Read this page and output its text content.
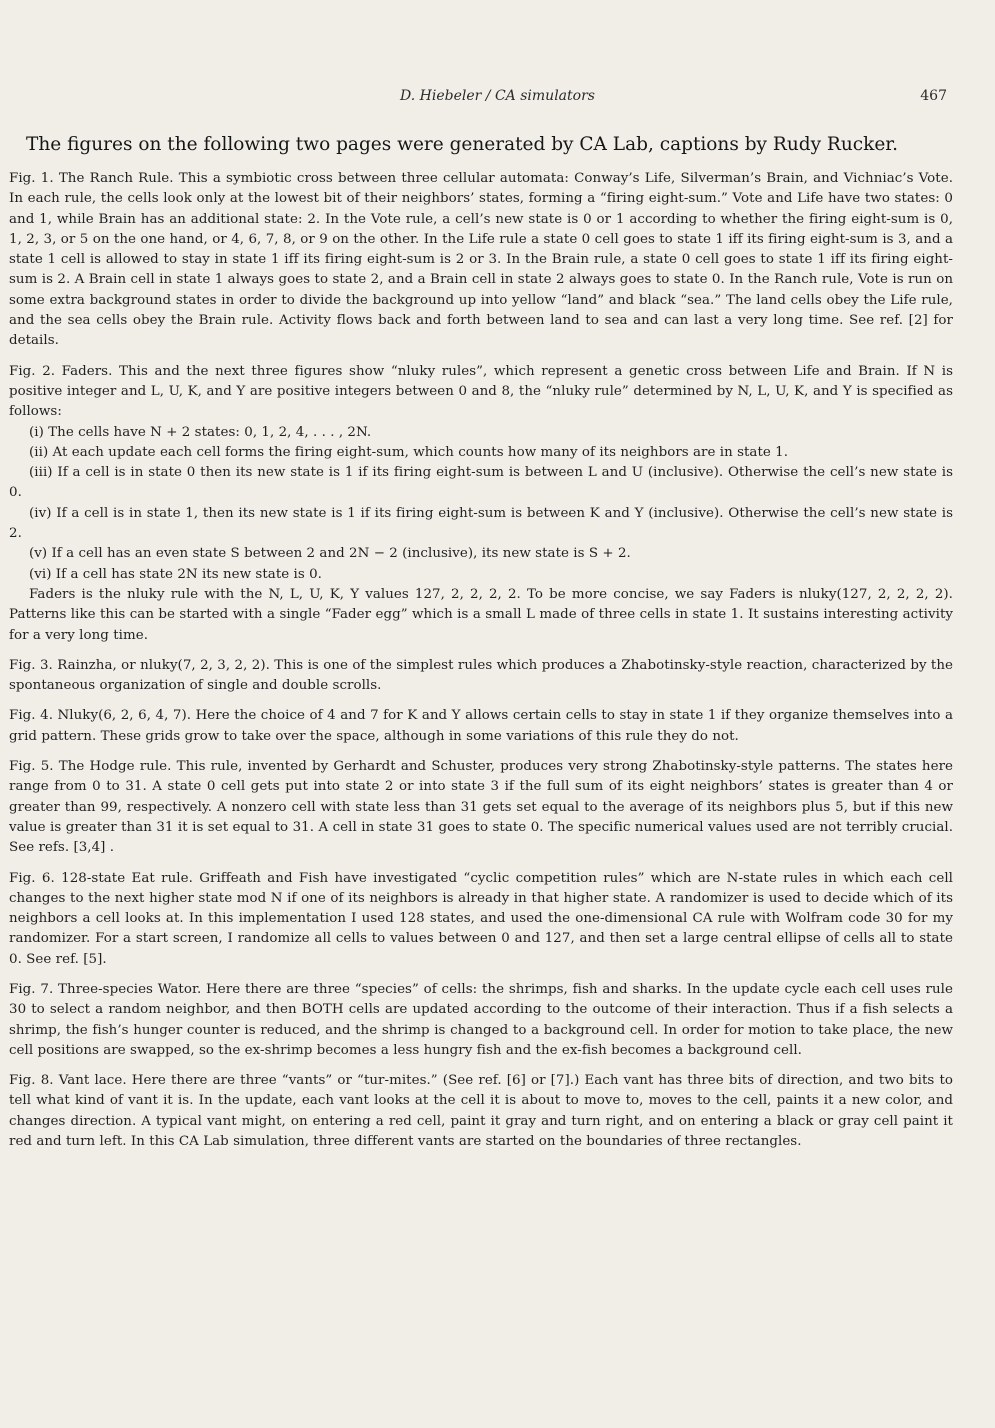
D. Hiebeler / CA simulators	467
The figures on the following two pages were generated by CA Lab, captions by Rudy Rucker.

Fig. 1. The Ranch Rule. This a symbiotic cross between three cellular automata: Conway’s Life, Silverman’s Brain, and Vichniac’s Vote. In each rule, the cells look only at the lowest bit of their neighbors’ states, forming a “firing eight-sum.” Vote and Life have two states: 0 and 1, while Brain has an additional state: 2. In the Vote rule, a cell’s new state is 0 or 1 according to whether the firing eight-sum is 0, 1, 2, 3, or 5 on the one hand, or 4, 6, 7, 8, or 9 on the other. In the Life rule a state 0 cell goes to state 1 iff its firing eight-sum is 3, and a state 1 cell is allowed to stay in state 1 iff its firing eight-sum is 2 or 3. In the Brain rule, a state 0 cell goes to state 1 iff its firing eight-sum is 2. A Brain cell in state 1 always goes to state 2, and a Brain cell in state 2 always goes to state 0. In the Ranch rule, Vote is run on some extra background states in order to divide the background up into yellow “land” and black “sea.” The land cells obey the Life rule, and the sea cells obey the Brain rule. Activity flows back and forth between land to sea and can last a very long time. See ref. [2] for details.

Fig. 2. Faders. This and the next three figures show “nluky rules”, which represent a genetic cross between Life and Brain. If N is positive integer and L, U, K, and Y are positive integers between 0 and 8, the “nluky rule” determined by N, L, U, K, and Y is specified as follows:

(i) The cells have N + 2 states: 0, 1, 2, 4, . . . , 2N.

(ii) At each update each cell forms the firing eight-sum, which counts how many of its neighbors are in state 1.

(iii) If a cell is in state 0 then its new state is 1 if its firing eight-sum is between L and U (inclusive). Otherwise the cell’s new state is 0.

(iv) If a cell is in state 1, then its new state is 1 if its firing eight-sum is between K and Y (inclusive). Otherwise the cell’s new state is 2.

(v) If a cell has an even state S between 2 and 2N − 2 (inclusive), its new state is S + 2.

(vi) If a cell has state 2N its new state is 0.

Faders is the nluky rule with the N, L, U, K, Y values 127, 2, 2, 2, 2. To be more concise, we say Faders is nluky(127, 2, 2, 2, 2). Patterns like this can be started with a single “Fader egg” which is a small L made of three cells in state 1. It sustains interesting activity for a very long time.

Fig. 3. Rainzha, or nluky(7, 2, 3, 2, 2). This is one of the simplest rules which produces a Zhabotinsky-style reaction, characterized by the spontaneous organization of single and double scrolls.

Fig. 4. Nluky(6, 2, 6, 4, 7). Here the choice of 4 and 7 for K and Y allows certain cells to stay in state 1 if they organize themselves into a grid pattern. These grids grow to take over the space, although in some variations of this rule they do not.

Fig. 5. The Hodge rule. This rule, invented by Gerhardt and Schuster, produces very strong Zhabotinsky-style patterns. The states here range from 0 to 31. A state 0 cell gets put into state 2 or into state 3 if the full sum of its eight neighbors’ states is greater than 4 or greater than 99, respectively. A nonzero cell with state less than 31 gets set equal to the average of its neighbors plus 5, but if this new value is greater than 31 it is set equal to 31. A cell in state 31 goes to state 0. The specific numerical values used are not terribly crucial. See refs. [3,4] .

Fig. 6. 128-state Eat rule. Griffeath and Fish have investigated “cyclic competition rules” which are N-state rules in which each cell changes to the next higher state mod N if one of its neighbors is already in that higher state. A randomizer is used to decide which of its neighbors a cell looks at. In this implementation I used 128 states, and used the one-dimensional CA rule with Wolfram code 30 for my randomizer. For a start screen, I randomize all cells to values between 0 and 127, and then set a large central ellipse of cells all to state 0. See ref. [5].

Fig. 7. Three-species Wator. Here there are three “species” of cells: the shrimps, fish and sharks. In the update cycle each cell uses rule 30 to select a random neighbor, and then BOTH cells are updated according to the outcome of their interaction. Thus if a fish selects a shrimp, the fish’s hunger counter is reduced, and the shrimp is changed to a background cell. In order for motion to take place, the new cell positions are swapped, so the ex-shrimp becomes a less hungry fish and the ex-fish becomes a background cell.

Fig. 8. Vant lace. Here there are three “vants” or “tur-mites.” (See ref. [6] or [7].) Each vant has three bits of direction, and two bits to tell what kind of vant it is. In the update, each vant looks at the cell it is about to move to, moves to the cell, paints it a new color, and changes direction. A typical vant might, on entering a red cell, paint it gray and turn right, and on entering a black or gray cell paint it red and turn left. In this CA Lab simulation, three different vants are started on the boundaries of three rectangles.
